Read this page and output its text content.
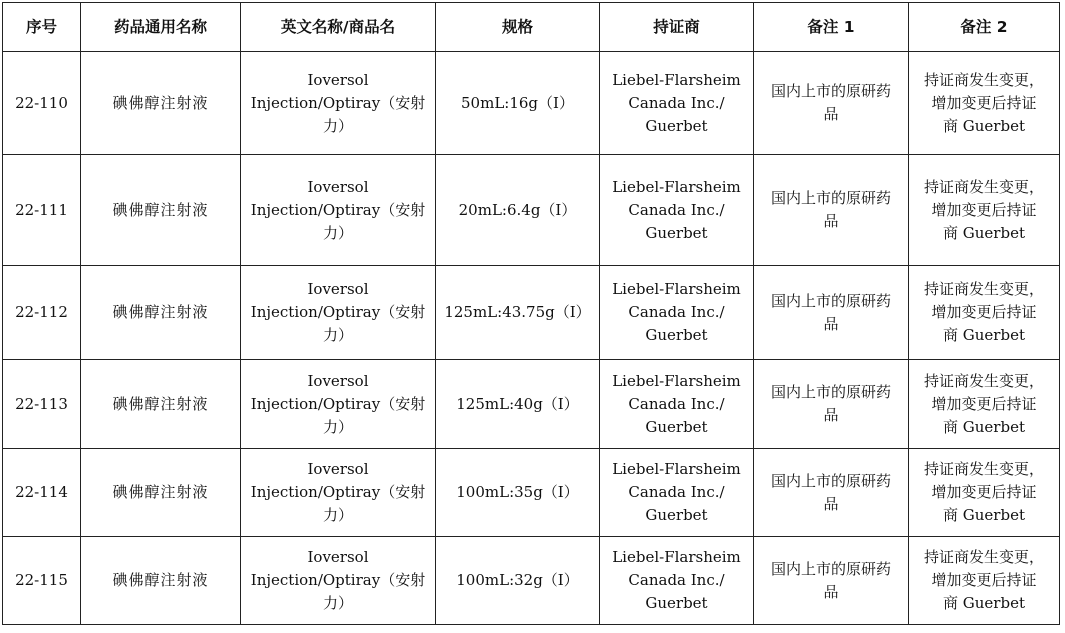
序号	药品通用名称	英文名称/商品名	规格	持证商	备注 1	备注 2
22-110	碘佛醇注射液	Ioversol
Injection/Optiray（安射
力）	50mL:16g（I）	Liebel-Flarsheim
Canada Inc./
Guerbet	国内上市的原研药
品	持证商发生变更，
增加变更后持证
商 Guerbet

22-111	碘佛醇注射液	Ioversol
Injection/Optiray（安射
力）	20mL:6.4g（I）	Liebel-Flarsheim
Canada Inc./
Guerbet	国内上市的原研药
品	持证商发生变更，
增加变更后持证
商 Guerbet

22-112	碘佛醇注射液	Ioversol
Injection/Optiray（安射
力）	125mL:43.75g（I）	Liebel-Flarsheim
Canada Inc./
Guerbet	国内上市的原研药
品	持证商发生变更，
增加变更后持证
商 Guerbet

22-113	碘佛醇注射液	Ioversol
Injection/Optiray（安射
力）	125mL:40g（I）	Liebel-Flarsheim
Canada Inc./
Guerbet	国内上市的原研药
品	持证商发生变更，
增加变更后持证
商 Guerbet

22-114	碘佛醇注射液	Ioversol
Injection/Optiray（安射
力）	100mL:35g（I）	Liebel-Flarsheim
Canada Inc./
Guerbet	国内上市的原研药
品	持证商发生变更，
增加变更后持证
商 Guerbet

22-115	碘佛醇注射液	Ioversol
Injection/Optiray（安射
力）	100mL:32g（I）	Liebel-Flarsheim
Canada Inc./
Guerbet	国内上市的原研药
品	持证商发生变更，
增加变更后持证
商 Guerbet
